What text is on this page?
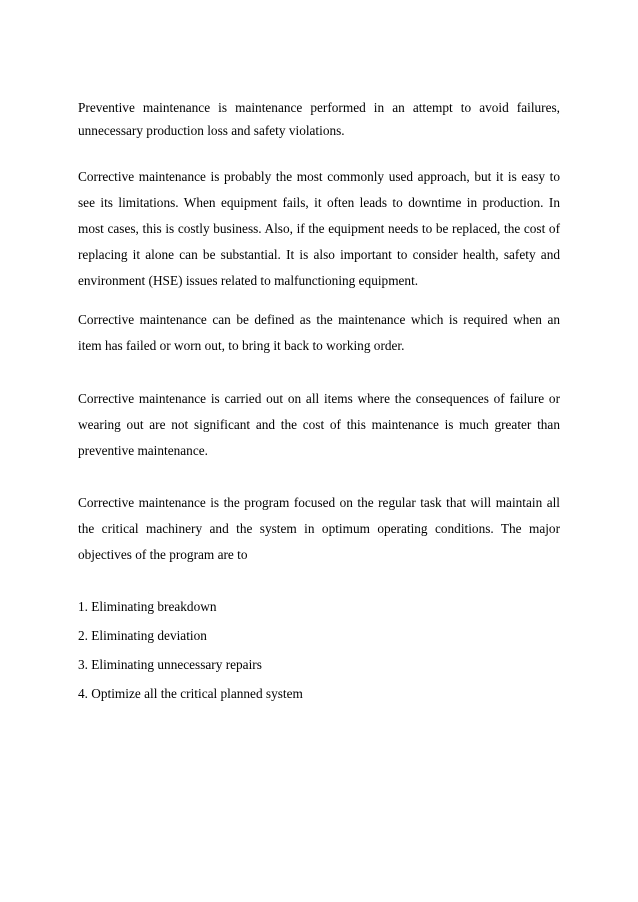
Preventive maintenance is maintenance performed in an attempt to avoid failures, unnecessary production loss and safety violations.

Corrective maintenance is probably the most commonly used approach, but it is easy to see its limitations. When equipment fails, it often leads to downtime in production. In most cases, this is costly business. Also, if the equipment needs to be replaced, the cost of replacing it alone can be substantial. It is also important to consider health, safety and environment (HSE) issues related to malfunctioning equipment.

Corrective maintenance can be defined as the maintenance which is required when an item has failed or worn out, to bring it back to working order.

Corrective maintenance is carried out on all items where the consequences of failure or wearing out are not significant and the cost of this maintenance is much greater than preventive maintenance.

Corrective maintenance is the program focused on the regular task that will maintain all the critical machinery and the system in optimum operating conditions. The major objectives of the program are to

1. Eliminating breakdown
2. Eliminating deviation
3. Eliminating unnecessary repairs
4. Optimize all the critical planned system
